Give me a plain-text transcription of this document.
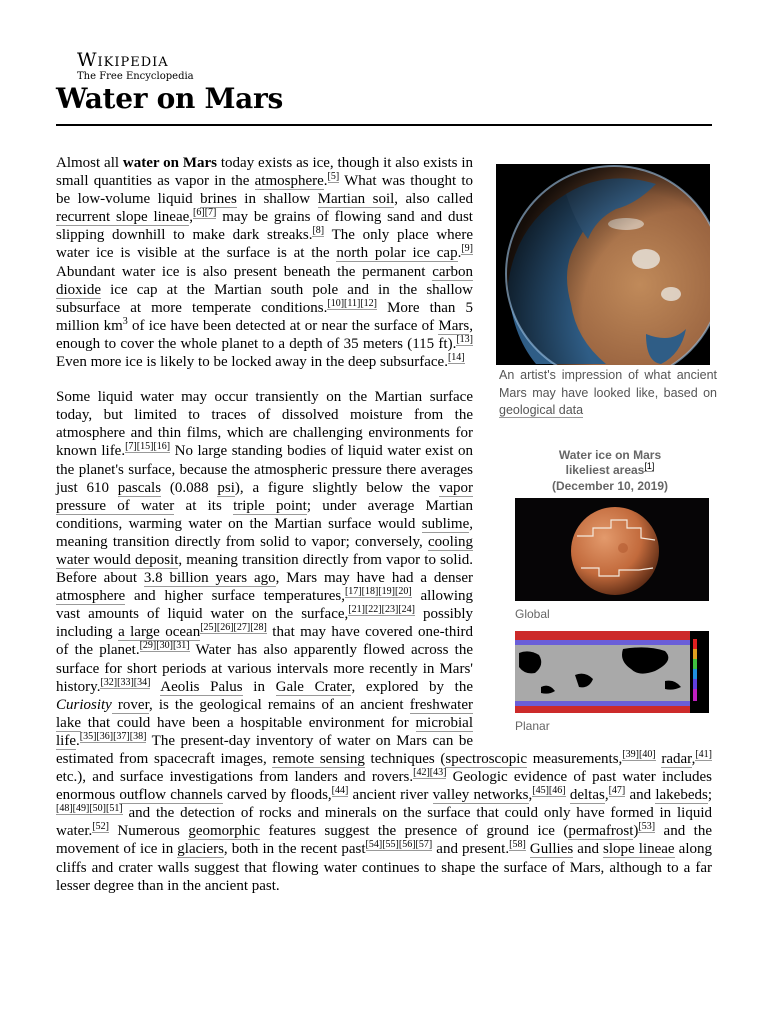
Wikipedia
The Free Encyclopedia
Water on Mars
An artist's impression of what ancient Mars may have looked like, based on geological data
Water ice on Mars
likeliest areas[1]
(December 10, 2019)
Global
Planar

Almost all water on Mars today exists as ice, though it also exists in small quantities as vapor in the atmosphere.[5] What was thought to be low-volume liquid brines in shallow Martian soil, also called recurrent slope lineae,[6][7] may be grains of flowing sand and dust slipping downhill to make dark streaks.[8] The only place where water ice is visible at the surface is at the north polar ice cap.[9] Abundant water ice is also present beneath the permanent carbon dioxide ice cap at the Martian south pole and in the shallow subsurface at more temperate conditions.[10][11][12] More than 5 million $km^3$ of ice have been detected at or near the surface of Mars, enough to cover the whole planet to a depth of 35 meters (115 ft).[13] Even more ice is likely to be locked away in the deep subsurface.[14]

Some liquid water may occur transiently on the Martian surface today, but limited to traces of dissolved moisture from the atmosphere and thin films, which are challenging environments for known life.[7][15][16] No large standing bodies of liquid water exist on the planet's surface, because the atmospheric pressure there averages just 610 pascals (0.088 psi), a figure slightly below the vapor pressure of water at its triple point; under average Martian conditions, warming water on the Martian surface would sublime, meaning transition directly from solid to vapor; conversely, cooling water would deposit, meaning transition directly from vapor to solid. Before about 3.8 billion years ago, Mars may have had a denser atmosphere and higher surface temperatures,[17][18][19][20] allowing vast amounts of liquid water on the surface,[21][22][23][24] possibly including a large ocean[25][26][27][28] that may have covered one-third of the planet.[29][30][31] Water has also apparently flowed across the surface for short periods at various intervals more recently in Mars' history.[32][33][34] Aeolis Palus in Gale Crater, explored by the Curiosity rover, is the geological remains of an ancient freshwater lake that could have been a hospitable environment for microbial life.[35][36][37][38] The present-day inventory of water on Mars can be estimated from spacecraft images, remote sensing techniques (spectroscopic measurements,[39][40] radar,[41] etc.), and surface investigations from landers and rovers.[42][43] Geologic evidence of past water includes enormous outflow channels carved by floods,[44] ancient river valley networks,[45][46] deltas,[47] and lakebeds;[48][49][50][51] and the detection of rocks and minerals on the surface that could only have formed in liquid water.[52] Numerous geomorphic features suggest the presence of ground ice (permafrost)[53] and the movement of ice in glaciers, both in the recent past[54][55][56][57] and present.[58] Gullies and slope lineae along cliffs and crater walls suggest that flowing water continues to shape the surface of Mars, although to a far lesser degree than in the ancient past.
